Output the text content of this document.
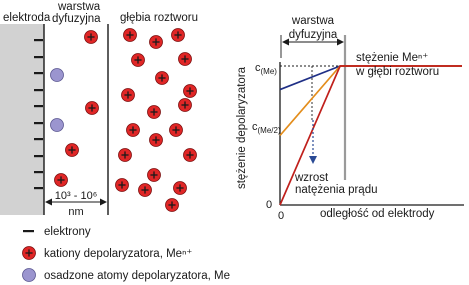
elektroda
warstwa
dyfuzyjna głębia roztworu
10³ - 10⁶
nm
elektrony
kationy depolaryzatora, Meⁿ⁺
osadzone atomy depolaryzatora, Me
warstwa
dyfuzyjna
stężenie Meⁿ⁺
w głębi roztworu
wzrost
natężenia prądu
$c_{(Me)}$
$c_{(Me/2)}$
0
0
stężenie depolaryzatora
odległość od elektrody
